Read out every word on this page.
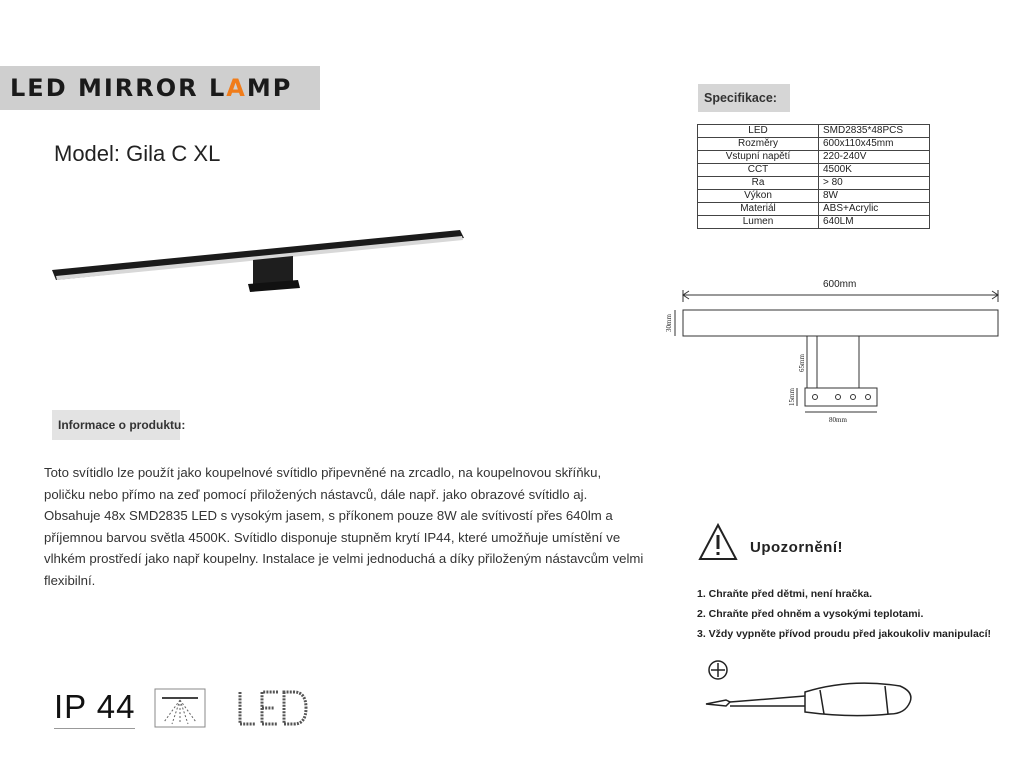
LED MIRROR LAMP
Model: Gila C XL
Informace o produktu:
Toto svítidlo lze použít jako koupelnové svítidlo připevněné na zrcadlo, na koupelnovou skříňku, poličku nebo přímo na zeď pomocí přiložených nástavců, dále např. jako obrazové svítidlo aj. Obsahuje 48x SMD2835 LED s vysokým jasem, s příkonem pouze 8W ale svítivostí přes 640lm a příjemnou barvou světla 4500K. Svítidlo disponuje stupněm krytí IP44, které umožňuje umístění ve vlhkém prostředí jako např koupelny. Instalace je velmi jednoduchá a díky přiloženým nástavcům velmi flexibilní.
IP 44
Specifikace:
LED	SMD2835*48PCS
Rozměry	600x110x45mm
Vstupní napětí	220-240V
CCT	4500K
Ra	> 80
Výkon	8W
Materiál	ABS+Acrylic
Lumen	640LM
600mm
30mm
65mm
15mm
80mm
Upozornění!
1. Chraňte před dětmi, není hračka.
2. Chraňte před ohněm a vysokými teplotami.
3. Vždy vypněte přívod proudu před jakoukoliv manipulací!
